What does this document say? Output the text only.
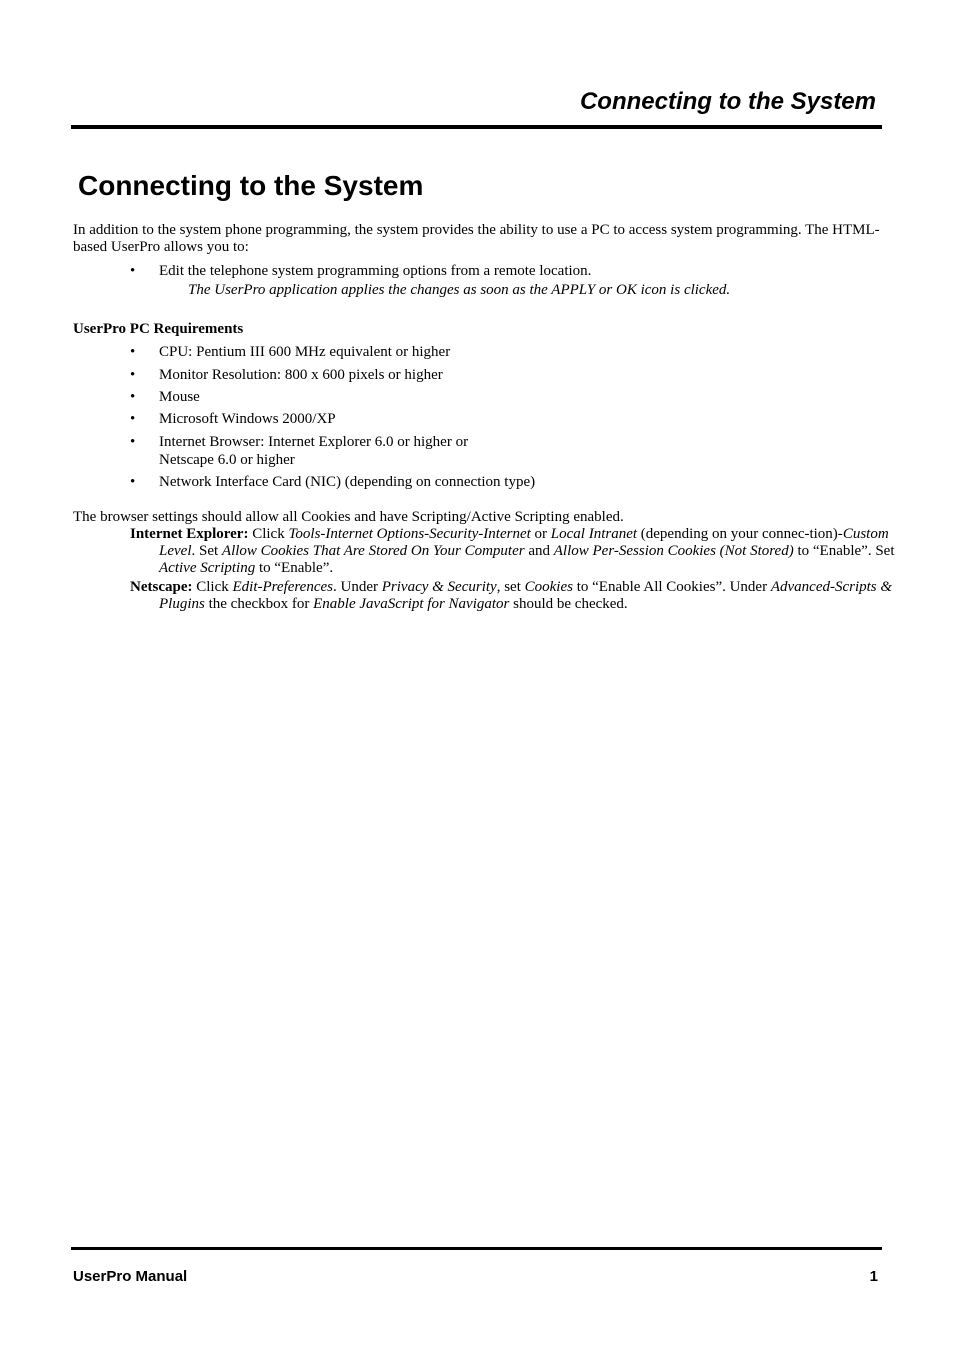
Connecting to the System
Connecting to the System

In addition to the system phone programming, the system provides the ability to use a PC to access system programming. The HTML-based UserPro allows you to:

• Edit the telephone system programming options from a remote location.
The UserPro application applies the changes as soon as the APPLY or OK icon is clicked.
UserPro PC Requirements
• CPU: Pentium III 600 MHz equivalent or higher
• Monitor Resolution: 800 x 600 pixels or higher
• Mouse
• Microsoft Windows 2000/XP
• Internet Browser: Internet Explorer 6.0 or higher or
Netscape 6.0 or higher
• Network Interface Card (NIC) (depending on connection type)
The browser settings should allow all Cookies and have Scripting/Active Scripting enabled.
Internet Explorer: Click Tools-Internet Options-Security-Internet or Local Intranet (depending on your connec-tion)-Custom Level. Set Allow Cookies That Are Stored On Your Computer and Allow Per-Session Cookies (Not Stored) to “Enable”. Set Active Scripting to “Enable”.
Netscape: Click Edit-Preferences. Under Privacy & Security, set Cookies to “Enable All Cookies”. Under Advanced-Scripts & Plugins the checkbox for Enable JavaScript for Navigator should be checked.
UserPro Manual	1
